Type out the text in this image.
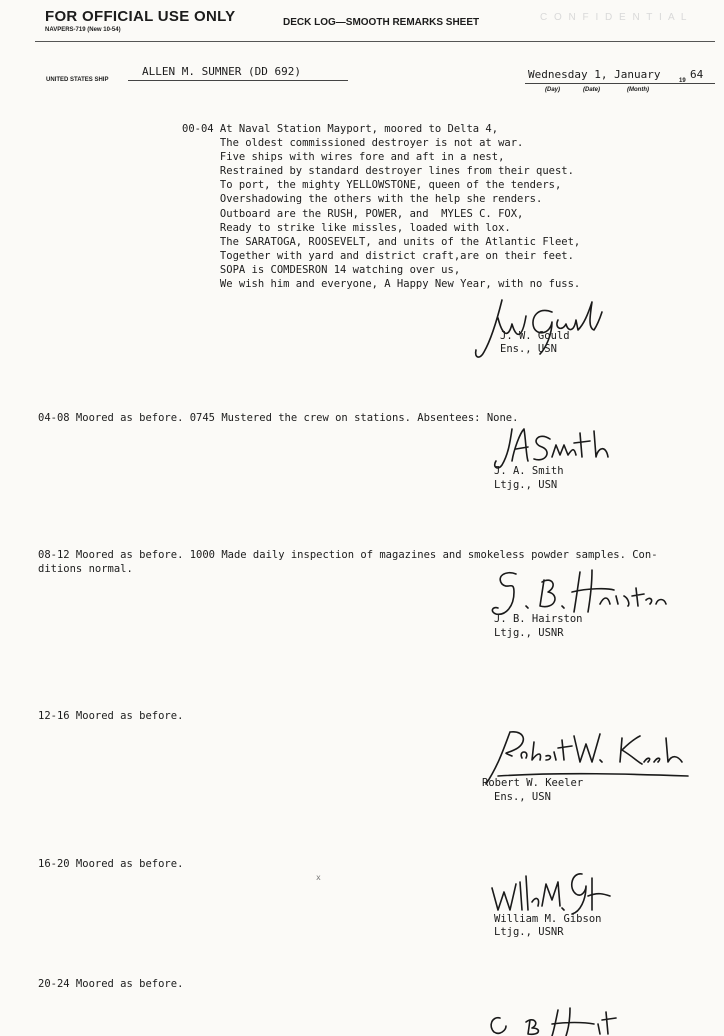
FOR OFFICIAL USE ONLY
NAVPERS-719 (New 10-54)
DECK LOG—SMOOTH REMARKS SHEET	C O N F I D E N T I A L
UNITED STATES SHIP
ALLEN M. SUMNER (DD 692)	Wednesday 1, January	19 64
(Day)	(Date)	(Month)
00-04 At Naval Station Mayport, moored to Delta 4,
The oldest commissioned destroyer is not at war.
Five ships with wires fore and aft in a nest,
Restrained by standard destroyer lines from their quest.
To port, the mighty YELLOWSTONE, queen of the tenders,
Overshadowing the others with the help she renders.
Outboard are the RUSH, POWER, and  MYLES C. FOX,
Ready to strike like missles, loaded with lox.
The SARATOGA, ROOSEVELT, and units of the Atlantic Fleet,
Together with yard and district craft,are on their feet.
SOPA is COMDESRON 14 watching over us,
We wish him and everyone, A Happy New Year, with no fuss.
J. W. Gould
Ens., USN
04-08 Moored as before. 0745 Mustered the crew on stations. Absentees: None.
J. A. Smith
Ltjg., USN
08-12 Moored as before. 1000 Made daily inspection of magazines and smokeless powder samples. Con-
ditions normal.
J. B. Hairston
Ltjg., USNR
12-16 Moored as before.
Robert W. Keeler
Ens., USN
16-20 Moored as before.
x
William M. Gibson
Ltjg., USNR
20-24 Moored as before.
